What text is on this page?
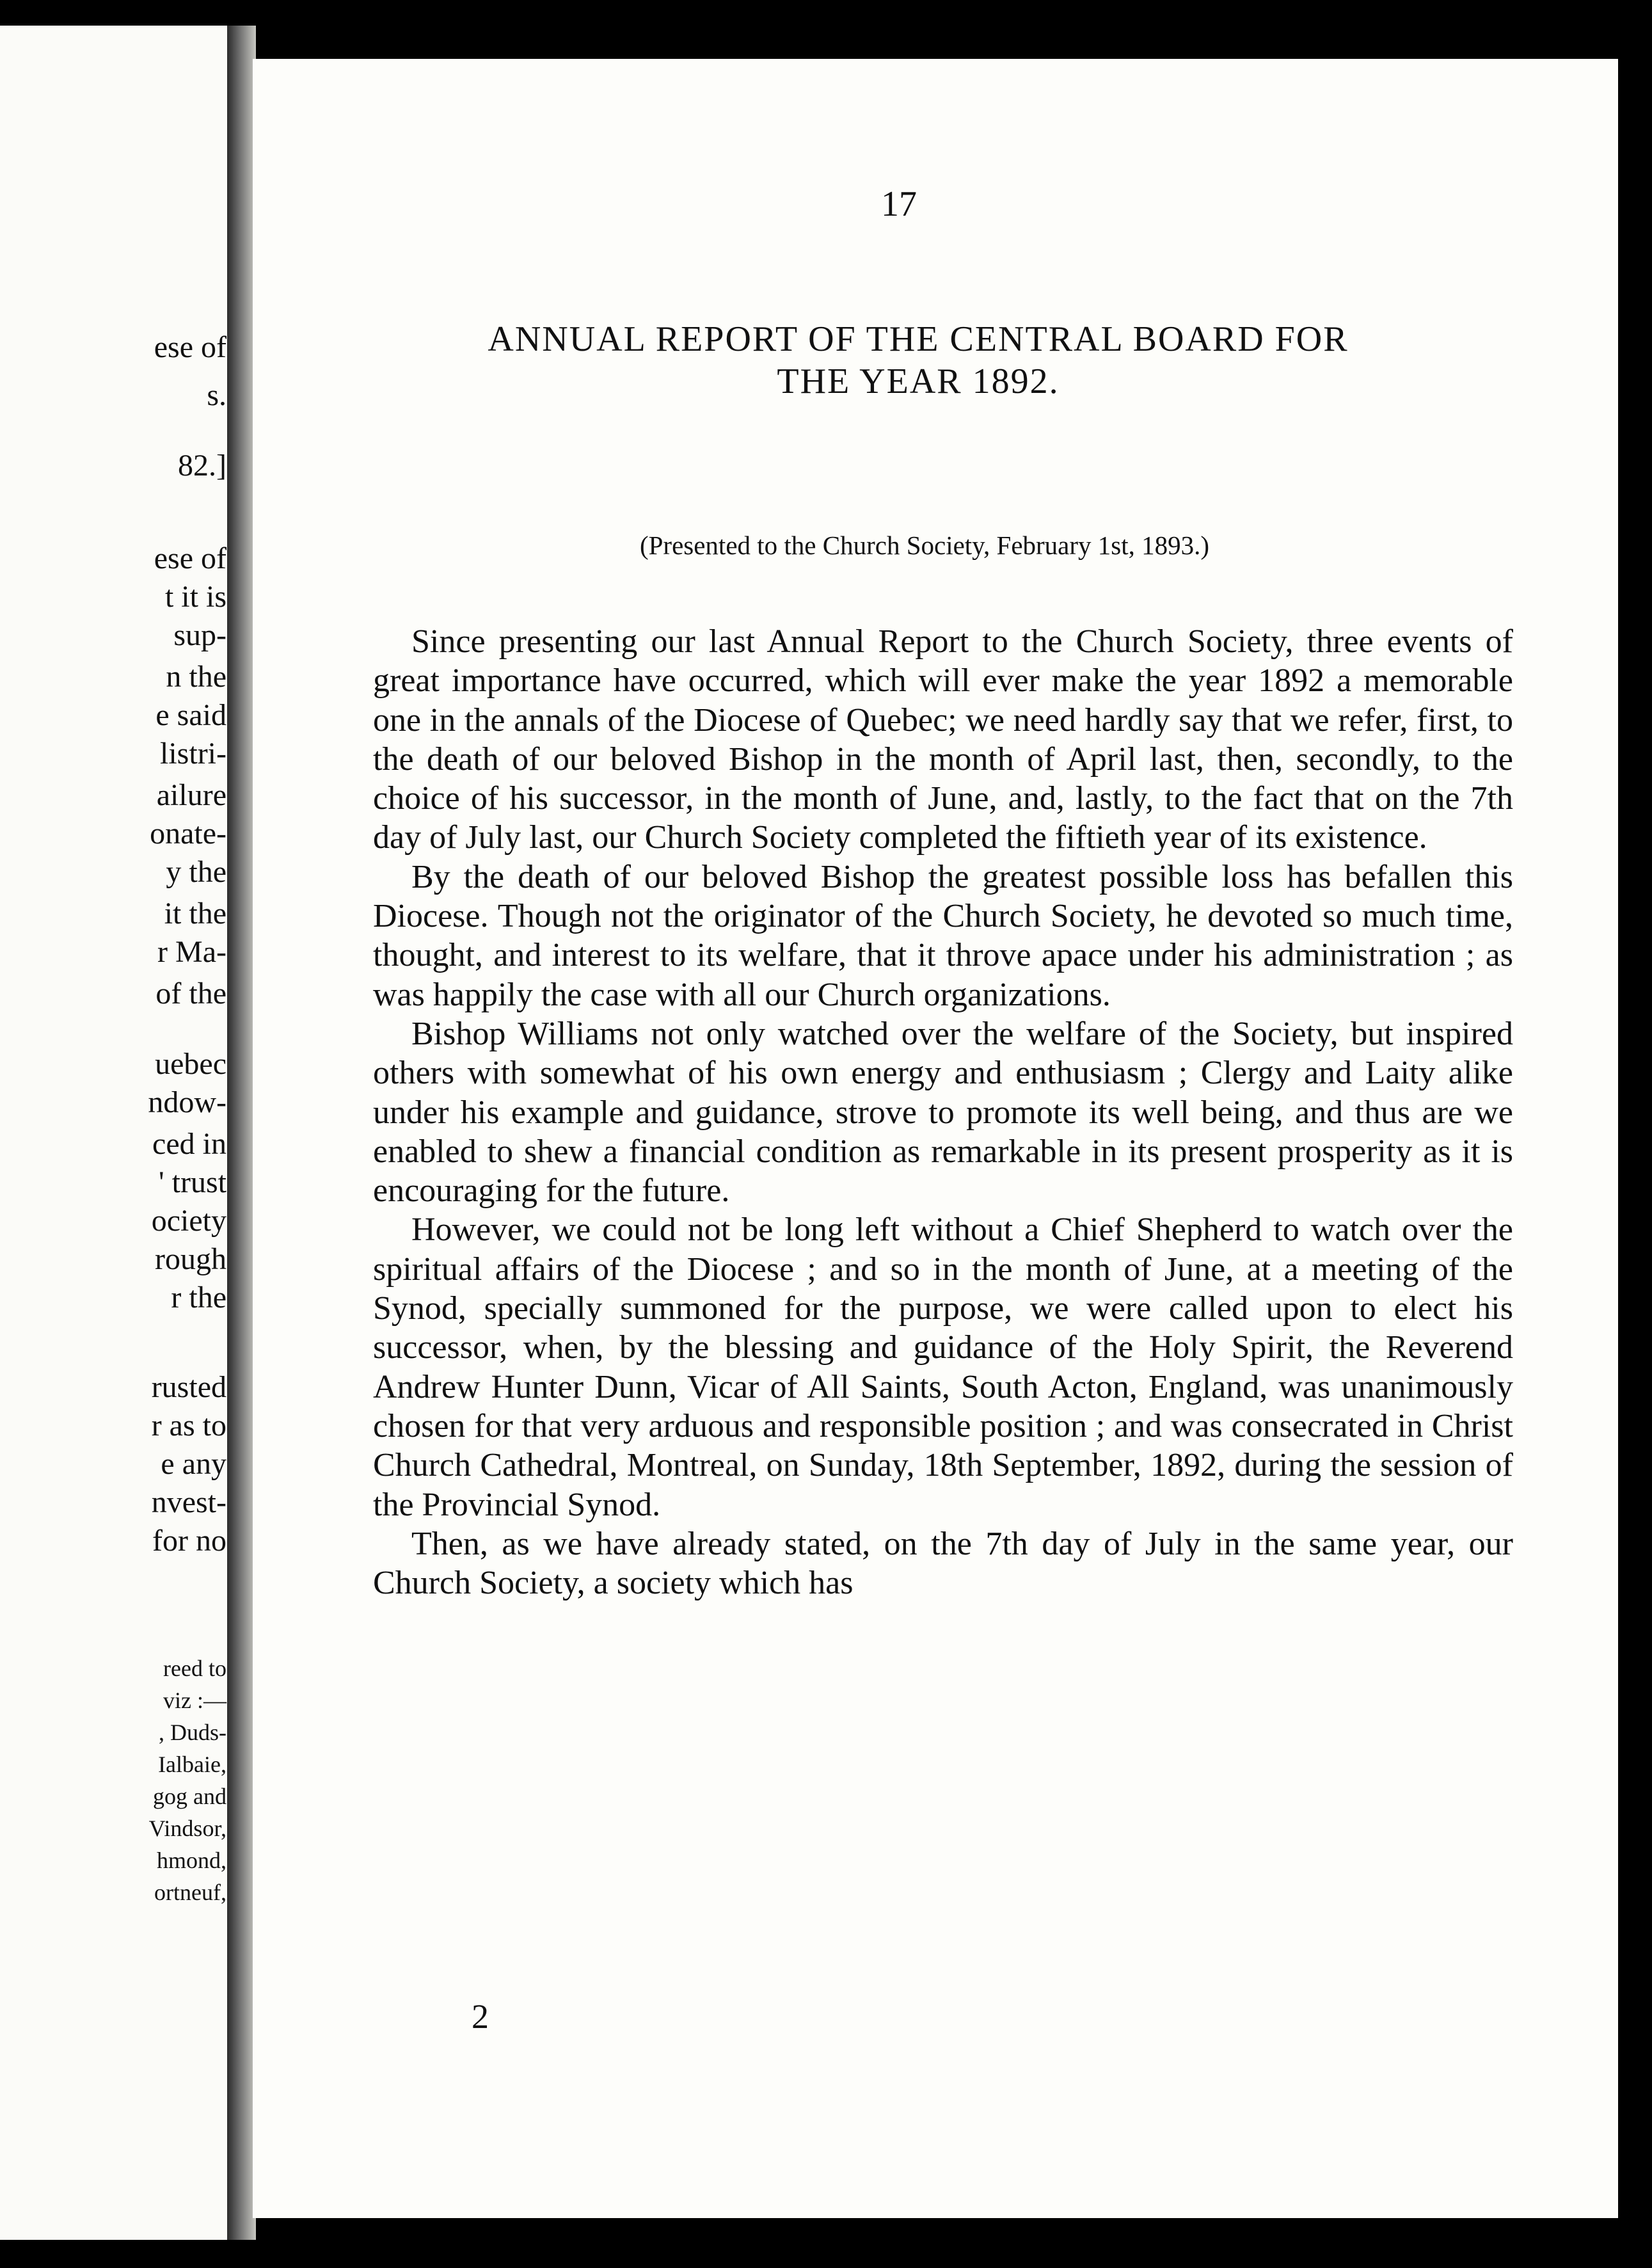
ese of
s.
82.]
ese of
t it is
sup-
n the
e said
listri-
ailure
onate-
y the
it the
r Ma-
of the
uebec
ndow-
ced in
' trust
ociety
rough
r the
rusted
r as to
e any
nvest-
for no
reed to
viz :—
, Duds-
Ialbaie,
gog and
Vindsor,
hmond,
ortneuf,
17
ANNUAL REPORT OF THE CENTRAL BOARD FOR
THE YEAR 1892.
(Presented to the Church Society, February 1st, 1893.)

Since presenting our last Annual Report to the Church Society, three events of great importance have occurred, which will ever make the year 1892 a memorable one in the annals of the Diocese of Quebec; we need hardly say that we refer, first, to the death of our beloved Bishop in the month of April last, then, secondly, to the choice of his successor, in the month of June, and, lastly, to the fact that on the 7th day of July last, our Church Society completed the fiftieth year of its existence.

By the death of our beloved Bishop the greatest possible loss has befallen this Diocese. Though not the originator of the Church Society, he devoted so much time, thought, and interest to its welfare, that it throve apace under his administration ; as was happily the case with all our Church organizations.

Bishop Williams not only watched over the welfare of the Society, but inspired others with somewhat of his own energy and enthusiasm ; Clergy and Laity alike under his example and guidance, strove to promote its well being, and thus are we enabled to shew a financial condition as remarkable in its present prosperity as it is encouraging for the future.

However, we could not be long left without a Chief Shepherd to watch over the spiritual affairs of the Diocese ; and so in the month of June, at a meeting of the Synod, specially summoned for the purpose, we were called upon to elect his successor, when, by the blessing and guidance of the Holy Spirit, the Reverend Andrew Hunter Dunn, Vicar of All Saints, South Acton, England, was unanimously chosen for that very arduous and responsible position ; and was consecrated in Christ Church Cathedral, Montreal, on Sunday, 18th September, 1892, during the session of the Provincial Synod.

Then, as we have already stated, on the 7th day of July in the same year, our Church Society, a society which has

2
